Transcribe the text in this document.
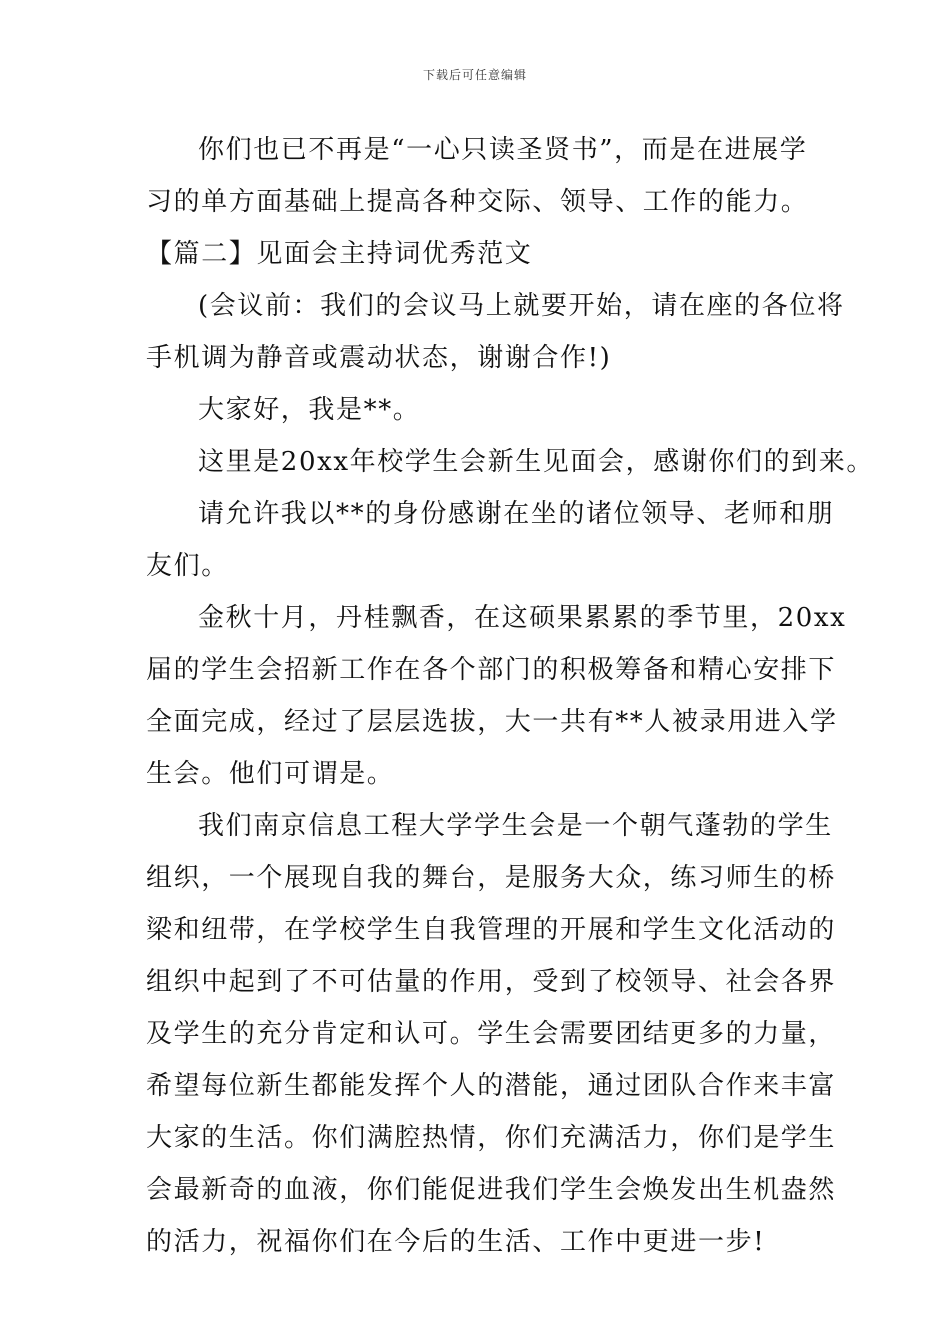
下载后可任意编辑
你们也已不再是“一心只读圣贤书”，而是在进展学
习的单方面基础上提高各种交际、领导、工作的能力。
【篇二】见面会主持词优秀范文
(会议前：我们的会议马上就要开始，请在座的各位将
手机调为静音或震动状态，谢谢合作!)
大家好，我是**。
这里是20xx年校学生会新生见面会，感谢你们的到来。
请允许我以**的身份感谢在坐的诸位领导、老师和朋
友们。
金秋十月，丹桂飘香，在这硕果累累的季节里，20xx
届的学生会招新工作在各个部门的积极筹备和精心安排下
全面完成，经过了层层选拔，大一共有**人被录用进入学
生会。他们可谓是。
我们南京信息工程大学学生会是一个朝气蓬勃的学生
组织，一个展现自我的舞台，是服务大众，练习师生的桥
梁和纽带，在学校学生自我管理的开展和学生文化活动的
组织中起到了不可估量的作用，受到了校领导、社会各界
及学生的充分肯定和认可。学生会需要团结更多的力量，
希望每位新生都能发挥个人的潜能，通过团队合作来丰富
大家的生活。你们满腔热情，你们充满活力，你们是学生
会最新奇的血液，你们能促进我们学生会焕发出生机盎然
的活力，祝福你们在今后的生活、工作中更进一步!
